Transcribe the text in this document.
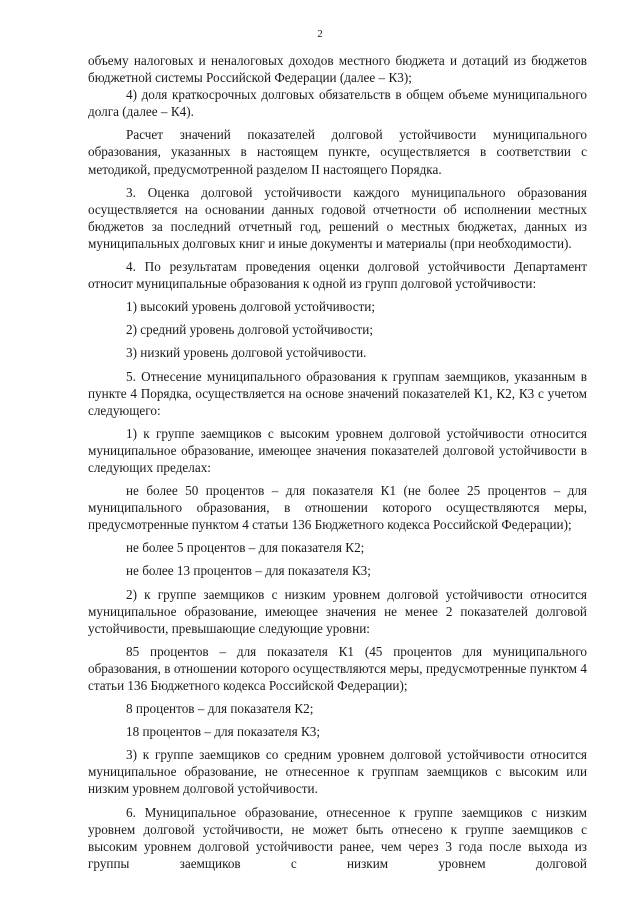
2

объему налоговых и неналоговых доходов местного бюджета и дотаций из бюджетов бюджетной системы Российской Федерации (далее – К3);

4) доля краткосрочных долговых обязательств в общем объеме муниципального долга (далее – К4).

Расчет значений показателей долговой устойчивости муниципального образования, указанных в настоящем пункте, осуществляется в соответствии с методикой, предусмотренной разделом II настоящего Порядка.

3. Оценка долговой устойчивости каждого муниципального образования осуществляется на основании данных годовой отчетности об исполнении местных бюджетов за последний отчетный год, решений о местных бюджетах, данных из муниципальных долговых книг и иные документы и материалы (при необходимости).

4. По результатам проведения оценки долговой устойчивости Департамент относит муниципальные образования к одной из групп долговой устойчивости:

1) высокий уровень долговой устойчивости;

2) средний уровень долговой устойчивости;

3) низкий уровень долговой устойчивости.

5. Отнесение муниципального образования к группам заемщиков, указанным в пункте 4 Порядка, осуществляется на основе значений показателей К1, К2, К3 с учетом следующего:

1) к группе заемщиков с высоким уровнем долговой устойчивости относится муниципальное образование, имеющее значения показателей долговой устойчивости в следующих пределах:

не более 50 процентов – для показателя К1 (не более 25 процентов – для муниципального образования, в отношении которого осуществляются меры, предусмотренные пунктом 4 статьи 136 Бюджетного кодекса Российской Федерации);

не более 5 процентов – для показателя К2;

не более 13 процентов – для показателя К3;

2) к группе заемщиков с низким уровнем долговой устойчивости относится муниципальное образование, имеющее значения не менее 2 показателей долговой устойчивости, превышающие следующие уровни:

85 процентов – для показателя К1 (45 процентов для муниципального образования, в отношении которого осуществляются меры, предусмотренные пунктом 4 статьи 136 Бюджетного кодекса Российской Федерации);

8 процентов – для показателя К2;

18 процентов – для показателя К3;

3) к группе заемщиков со средним уровнем долговой устойчивости относится муниципальное образование, не отнесенное к группам заемщиков с высоким или низким уровнем долговой устойчивости.

6. Муниципальное образование, отнесенное к группе заемщиков с низким уровнем долговой устойчивости, не может быть отнесено к группе заемщиков с высоким уровнем долговой устойчивости ранее, чем через 3 года после выхода из группы заемщиков с низким уровнем долговой
